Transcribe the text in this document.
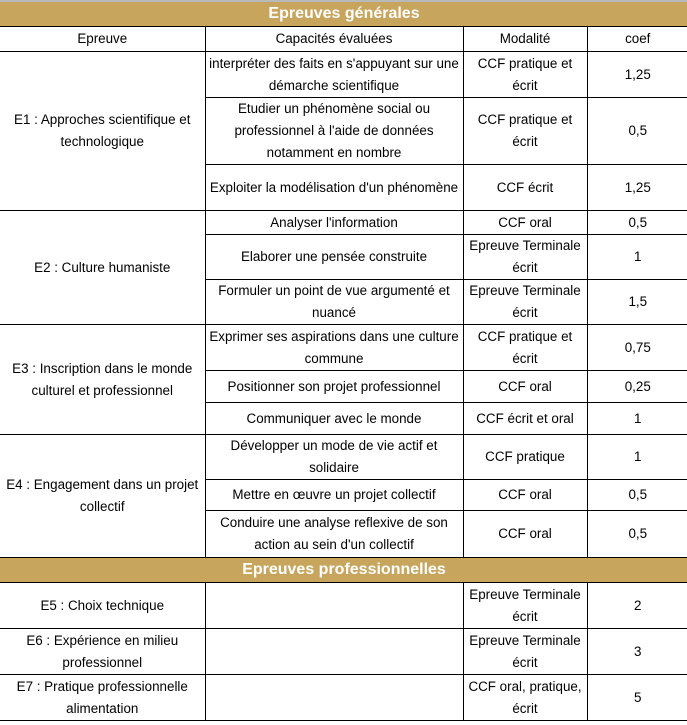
Epreuves générales			
Epreuve	Capacités évaluées	Modalité	coef
E1 : Approches scientifique et technologique	interpréter des faits en s'appuyant sur une démarche scientifique	CCF pratique et écrit	1,25
	Etudier un phénomène social ou professionnel à l'aide de données notamment en nombre	CCF pratique et écrit	0,5
	Exploiter la modélisation d'un phénomène	CCF écrit	1,25
E2 : Culture humaniste	Analyser l'information	CCF oral	0,5
	Elaborer une pensée construite	Epreuve Terminale écrit	1
	Formuler un point de vue argumenté et nuancé	Epreuve Terminale écrit	1,5
E3 : Inscription dans le monde culturel et professionnel	Exprimer ses aspirations dans une culture commune	CCF pratique et écrit	0,75
	Positionner son projet professionnel	CCF oral	0,25
	Communiquer avec le monde	CCF écrit et oral	1
E4 : Engagement dans un projet collectif	Développer un mode de vie actif et solidaire	CCF pratique	1
	Mettre en œuvre un projet collectif	CCF oral	0,5
	Conduire une analyse reflexive de son action au sein d'un collectif	CCF oral	0,5
Epreuves professionnelles			
E5 : Choix technique		Epreuve Terminale écrit	2
E6 : Expérience en milieu professionnel		Epreuve Terminale écrit	3
E7 : Pratique professionnelle alimentation		CCF oral, pratique, écrit	5
